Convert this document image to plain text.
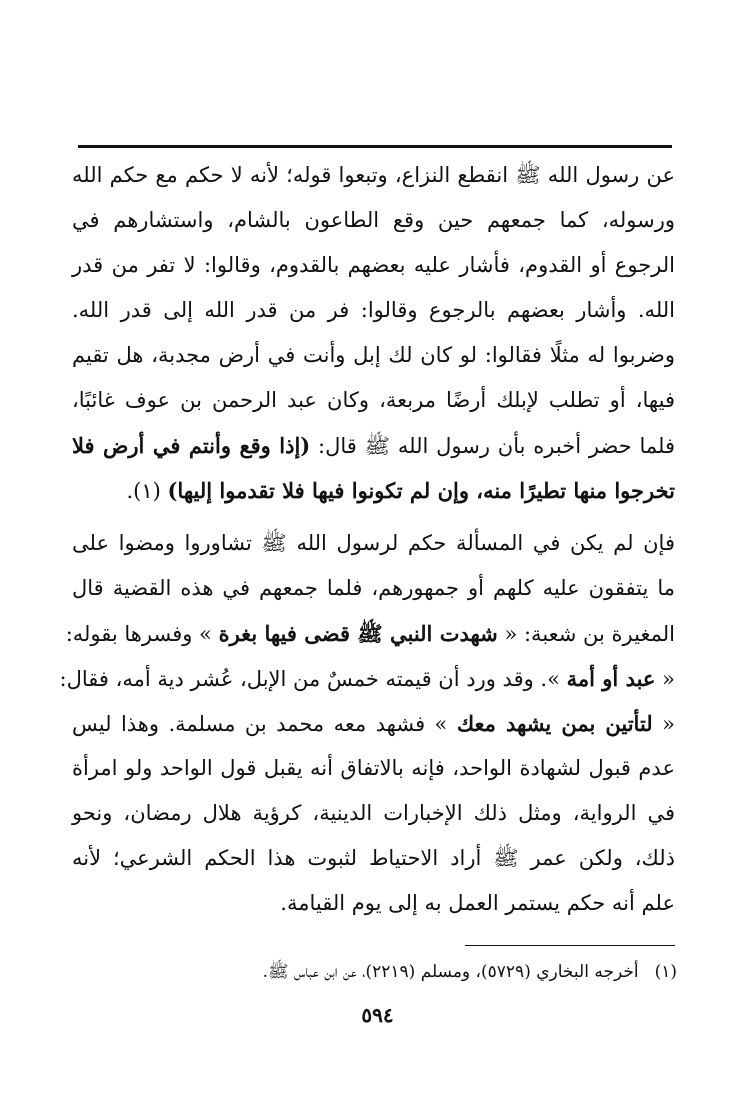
عن رسول الله ﷺ انقطع النزاع، وتبعوا قوله؛ لأنه لا حكم مع حكم الله
ورسوله، كما جمعهم حين وقع الطاعون بالشام، واستشارهم في
الرجوع أو القدوم، فأشار عليه بعضهم بالقدوم، وقالوا: لا تفر من قدر
الله. وأشار بعضهم بالرجوع وقالوا: فر من قدر الله إلى قدر الله.
وضربوا له مثلًا فقالوا: لو كان لك إبل وأنت في أرض مجدبة، هل تقيم
فيها، أو تطلب لإبلك أرضًا مربعة، وكان عبد الرحمن بن عوف غائبًا،
فلما حضر أخبره بأن رسول الله ﷺ قال: (إذا وقع وأنتم في أرض فلا
تخرجوا منها تطيرًا منه، وإن لم تكونوا فيها فلا تقدموا إليها) (١).
فإن لم يكن في المسألة حكم لرسول الله ﷺ تشاوروا ومضوا على
ما يتفقون عليه كلهم أو جمهورهم، فلما جمعهم في هذه القضية قال
المغيرة بن شعبة: « شهدت النبي ﷺ قضى فيها بغرة » وفسرها بقوله:
« عبد أو أمة ». وقد ورد أن قيمته خمسٌ من الإبل، عُشر دية أمه، فقال:
« لتأتين بمن يشهد معك » فشهد معه محمد بن مسلمة. وهذا ليس
عدم قبول لشهادة الواحد، فإنه بالاتفاق أنه يقبل قول الواحد ولو امرأة
في الرواية، ومثل ذلك الإخبارات الدينية، كرؤية هلال رمضان، ونحو
ذلك، ولكن عمر ﷺ أراد الاحتياط لثبوت هذا الحكم الشرعي؛ لأنه
علم أنه حكم يستمر العمل به إلى يوم القيامة.
(١)أخرجه البخاري (٥٧٢٩)، ومسلم (٢٢١٩)، عن ابن عباس ﷺ.
٥٩٤
